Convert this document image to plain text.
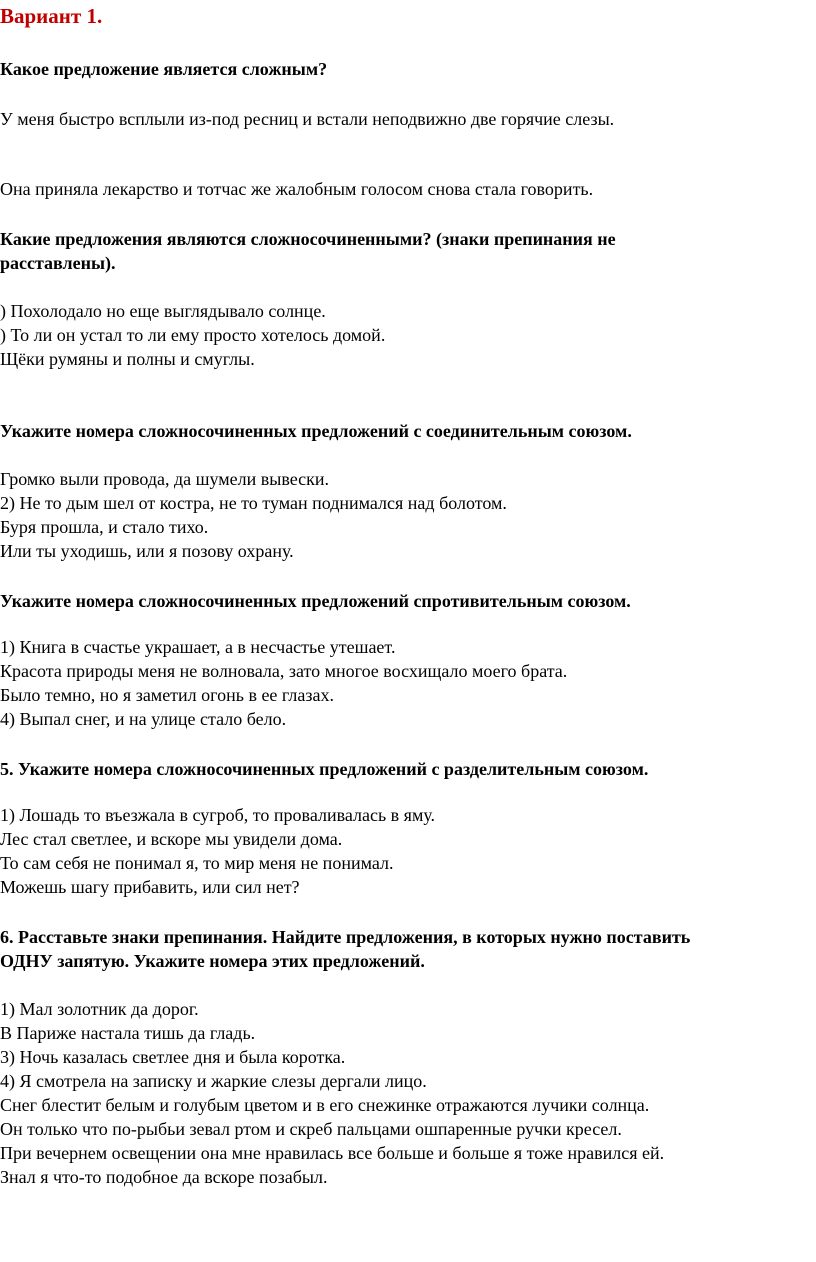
Вариант 1.
Какое предложение является сложным?
У меня быстро всплыли из-под ресниц и встали неподвижно две горячие слезы.
Она приняла лекарство и тотчас же жалобным голосом снова стала говорить.
Какие предложения являются сложносочиненными? (знаки препинания не
расставлены).
) Похолодало но еще выглядывало солнце.
) То ли он устал то ли ему просто хотелось домой.
Щёки румяны и полны и смуглы.
Укажите номера сложносочиненных предложений с соединительным союзом.
Громко выли провода, да шумели вывески.
2) Не то дым шел от костра, не то туман поднимался над болотом.
Буря прошла, и стало тихо.
Или ты уходишь, или я позову охрану.
Укажите номера сложносочиненных предложений спротивительным союзом.
1) Книга в счастье украшает, а в несчастье утешает.
Красота природы меня не волновала, зато многое восхищало моего брата.
Было темно, но я заметил огонь в ее глазах.
4) Выпал снег, и на улице стало бело.
5. Укажите номера сложносочиненных предложений с разделительным союзом.
1) Лошадь то въезжала в сугроб, то проваливалась в яму.
Лес стал светлее, и вскоре мы увидели дома.
То сам себя не понимал я, то мир меня не понимал.
Можешь шагу прибавить, или сил нет?
6. Расставьте знаки препинания. Найдите предложения, в которых нужно поставить
ОДНУ запятую. Укажите номера этих предложений.
1) Мал золотник да дорог.
В Париже настала тишь да гладь.
3) Ночь казалась светлее дня и была коротка.
4) Я смотрела на записку и жаркие слезы дергали лицо.
Снег блестит белым и голубым цветом и в его снежинке отражаются лучики солнца.
Он только что по-рыбьи зевал ртом и скреб пальцами ошпаренные ручки кресел.
При вечернем освещении она мне нравилась все больше и больше я тоже нравился ей.
Знал я что-то подобное да вскоре позабыл.
